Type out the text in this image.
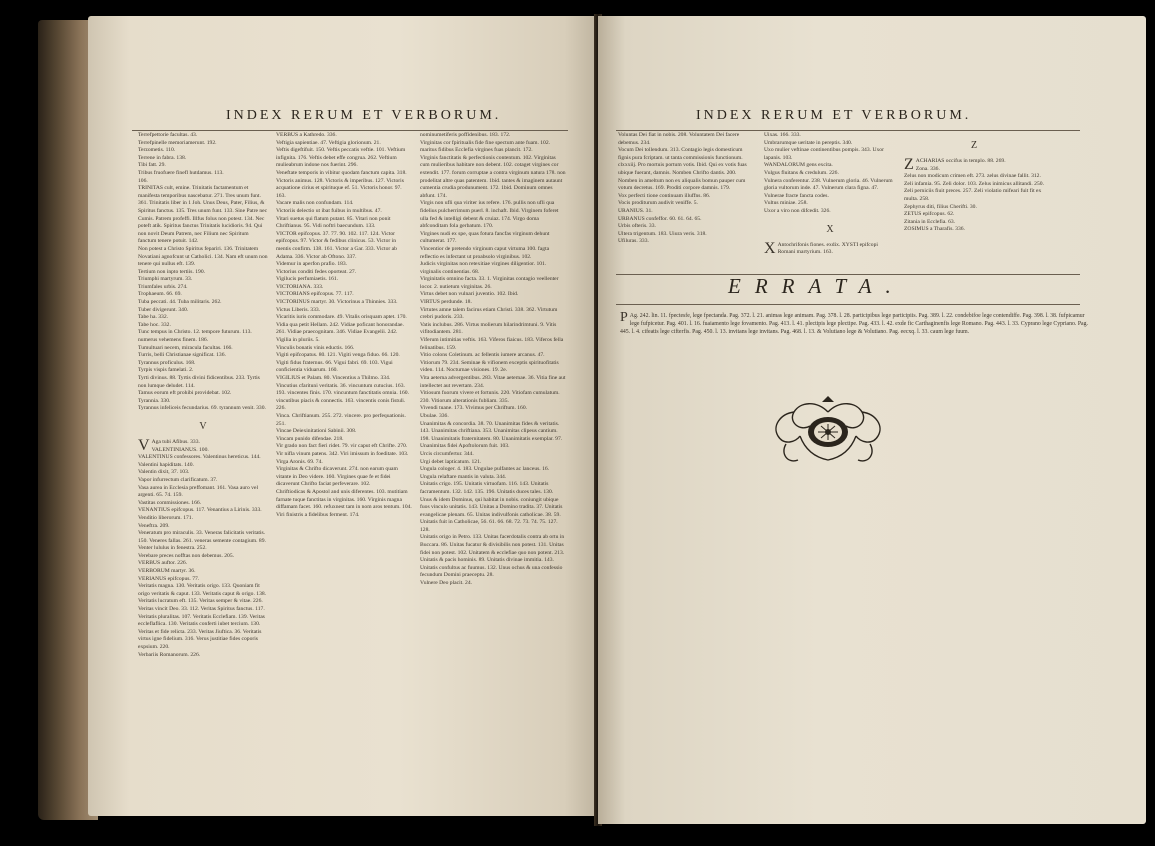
INDEX RERUM ET VERBORUM.

Terrefpettorie facultas. 43.

Terrefpinelle memoriamerunt. 192.

Terzometis. 110.

Terrene in fabra. 138.

Tibi fatt. 29.

Tribus fruofuere finefl hutdamus. 113.

106.

TRINITAS cult, emine. Trinitatis factamentum et manifesta temporibus nascebatur. 271. Tres unum funt. 361. Trinitatis liber in 1 Joh. Unus Deus, Pater, Filius, & Spiritus fanctus. 135. Tres unum funt. 133. Sine Patre nec Cumis. Patrem profeffi. Illfus folus non potest. 134. Nec poteft atik. Spiritus fanctus Trinitatis lucidioris. 94. Qui non novit Deum Patrem, nec Filium nec Spiritum fanctum tenere potuit. 142.

Non potest a Christo Spiritus fepariri. 136. Trinitatem Novatiani agnofcunt ut Catholici. 134. Nam eft unum non tenere qui nullus eft. 139.

Tertium non inpto tertiis. 190.

Triumphi martyrum. 33.

Triumfales urbis. 274.

Trophaeum. 66. 69.

Tuba peccati. 44. Tuba militaris. 262.

Tuber divigerunt. 340.

Tabe ha. 332.

Tabe hoc. 332.

Tunc tempus in Christo. 12. tempore futurum. 113. numerus vehemens finem. 186.

Tumultuari necem, miracula facultas. 166.

Turris, belli Christianae significat. 136.

Tyrannus proficulus. 168.

Tyrpis vispis famelati. 2.

Tyrti divinus. 88. Tyrtis divini fidicentibus. 233. Tyrtis non lumque deludet. 114.

Tamus eorum eft prohibi providebat. 102.

Tyrannia. 330.

Tyrannus infeliceis fecundarius. 69. tyrannum venit. 330.

V

V Aga tubi Afibus. 333.

VALENTINIANUS. 100.

VALENTINUS confessores. Valentinus hereticus. 144. Valentini hapiditats. 140.

Valentin dixit, 37. 103.

Vapor infurrectum clarificatum. 37.

Vasa aurea in Ecclesia preffomant. 161. Vasa auro vel argenti. 65. 74. 159.

Vastitas commissiones. 166.

VENANTIUS epifcopus. 117. Venantius a Lirinis. 333.

Venditio liberorum. 171.

Veneftra. 209.

Veneratum pro miraculis. 33. Veneras falicitatis veritatis. 150. Veneres fallas. 261. veneras semente contagium. 89.

Venter lululus in fenestra. 252.

Verebare preces nofftas non debemus. 205.

VERBUS auftor. 226.

VERBORUM martyr. 36.

VERIANUS epifcopus. 77.

Veritatis magna. 130. Veritatis origo. 133. Quoniam fit origo veritatis & caput. 133. Veritatis caput & origo. 138. Veritatis lucratum eft. 135. Veritas semper & vitae. 226. Veritas vincit Deo. 33. 112. Veritas Spiritus fanctus. 117. Veritatis pluralitas. 107. Veritatis Ecclefiam. 139. Veritas eccleflaflica. 130. Veritatis conferti iubet tercium. 130. Veritas et fide relicta. 233. Veritas Jiuftica. 36. Veritatis virtus igne fidelium. 316. Verus justitiae fides coporis expsium. 220.

Verbariis Romanorum. 226.

VERBUS a Kathredo. 336.

Veftigia sapientiae. 47. Veftigia glorionum. 21.

Veftis digeftifuit. 150. Veftis peccatis veftie. 101. Veftium infignita. 176. Veftis debet effe congrua. 262. Veftium mulieabrum indone nos fuerint. 296.

Veneftate temporis in vibitur quodam fanctum capita. 318.

Victoris animus. 128. Victoris & imperibus. 127. Victoris acquatione cirius et spirituque ef. 51. Victoris honor. 97. 163.

Vacare malis non confundam. 114.

Victoriis delectio ut ibat fuibus in multibus. 47.

Vitari suetus qui flatum putant. 85. Vitari non ponit Chriftianus. 95. Vidi noftri baecundum. 133.

VICTOR epifcopus. 37. 77. 90. 102. 117. 124. Victor epifcopus. 97. Victor & fedibus clinicus. 53. Victor in mentis confirm. 138. 161. Victor a Gar. 333. Victor ab Adama. 336. Victor ab Oftono. 337.

Videmur in aperfon prafio. 183.

Victorius conditi fedes oporteat. 27.

Vigilucis perfumiaetis. 161.

VICTORIANA. 333.

VICTORIANS epifcopus. 77. 117.

VICTORINUS martyr. 30. Victorinus a Thinnies. 333.

Victus Liberis. 333.

Vicaritis iuris commodare. 49. Vitalis orisquam aptet. 170. Vidia qua petit Hellam. 242. Vidiae poficant honorandae. 261. Vidiae praecognitam. 346. Vidiae Evangelii. 242.

Vigilia in pluriis. 5.

Vinculis bonatis vinis eductis. 166.

Vigiti epifcopatus. 80. 121. Vigiti venga fiduo. 66. 120. Vigiti fidus fraternus. 66. Vigui fabri. 69. 103. Vigui conficientia viduarum. 160.

VIGILIUS et Palam. 80. Vincentius a Thilmo. 334.

Vincutius cfarituni veritatis. 36. vincuntum cutucius. 163. 193. vincentes finis. 170. vincuntum fanctitatis omnia. 160. vincutibus piacis & connectis. 163. vincentis conis fistuli. 226.

Vinca. Chriftianum. 255. 272. vincere. pro perfequationis. 251.

Vincae Deiexinitationi Sabinii. 308.

Vincam punido difendae. 218.

Vir grado non fact fieri ridet. 79. vir caput eft Chrifte. 270. Vir nifla vinum patens. 342. Viri imissum in foeditate. 103.

Virga Aronis. 69. 74.

Virginitas & Chrifto dicaverunt. 274. non earum quam vitante in Deo videre. 160. Virgines quae fe et fidei dicaverunt Chrifto faciat perfeverare. 102.

Chriftiodicas & Apostol and unis diferentes. 103. mutitiam farnate tuque fanctitas in virginitas. 160. Virginis magna diffamam facet. 160. refuxnest tam in nom aros tentum. 104. Viri finistris a fidelibus ferment. 174.

nominumetiferis poffidenibus. 183. 172.

Virginitas cor fpiritualis fide fine spectum ante fuam. 102. maritus fidibus Ecclefia virgines fuas plancit. 172.

Virginis fanctitatis & perfectionis contentum. 102. Virginitas cum mulieribus habitare non debent. 102. cotaget virgines cor extendit. 177. forum corruptae a contra virginum natura 178. non prodelitat altre quas patentem. 1bid. tantes & imaginem autaunt cumentia crudia produnument. 172. 1bid. Dominum omnes abfunt. 174.

Virgis non ufli qua viriter ius refere. 176. pullis non ufli qua fidelius pulcherrimum puerl. 8. inchaft. Ibid. Virginem foferet ulla fed & intelligi debent & cruiaz. 174. Virgo doma abfconditam fola gerbatum. 170.

Virgines nudi ex spe, quas fotura fancfas virginum dehunt cultumerat. 177.

Vincentior de pretendo virginum caput virtuma 100. fagta reflectio es infectant ut proabsolo virginibus. 102.

Judicis virginitas non retexitiae virgines diligentior. 101. virginalis continentias. 68.

Virginitatis omnino facta. 33. 1. Virginitas contagio veellenter locor. 2. nutietum virginitas. 26.

Virtus debet non vulnari juventio. 102. Ibid.

VIRTUS perdunde. 18.

Virtutes amne talem facirus etiam Christi. 338. 362. Virtutum crebri pudoris. 233.

Vatis inclubus. 286. Virtus molierum hilarindrimtuni. 9. Vitis vifitodiantem. 281.

Viferum intimitias veftis. 163. Viferos fiaicus. 183. Viferos fella felinatibus. 159.

Vitio colons Coletinum. ac fellentis iumere arcanus. 47. Vitiorum 79. 234. Seminae & vifionem exceptis spirituofitatis viden. 114. Nocturnae visiones. 19. 2e.

Vita aeterna advergentibus. 283. Vitae aeternae. 36. Vitia fine aut intellectet aut revertam. 234.

Vitiosum fuorum vivere et fortunis. 220. Vitiofam cumulatum. 230. Vitiorum alterationis fubliam. 335.

Vivendi tuane. 173. Vivimus per Chriftum. 160.

Ubulae. 336.

Unanimitas & concordia. 38. 70. Unanimitas fides & veritatis. 143. Unanimitas chriftiana. 353. Unanimitas clipeus cantium. 198. Unanimitatis fraternitatem. 80. Unanimitatis exemplar. 97. Unanimitas fidei Apoftolorum fuit. 103.

Urcis circumfertur. 344.

Urgi debet lapticatum. 121.

Ungula cologer. 4. 183. Ungulae pulfantes ac lanceus. 16. Ungula relaftare mantis in valuta. 344.

Unitatis crigo. 195. Unitatis virtuofam. 116. 143. Unitatis facramentum. 132. 142. 135. 196. Unitatis duces tales. 130. Unus & idem Dominus, qui habitat in nobis. coniungit ubique fuos vinculo unitatis. 143. Unitas a Domino tradita. 37. Unitatis evangelicae plenam. 65. Unitas indivulfonis catholicae. 38. 59. Unitatis fuit in Catholicae, 56. 61. 66. 68. 72. 73. 74. 75. 127. 128.

Unitatis origo in Petro. 133. Unitas facerdotalis contra ab ortu in Buccara. 86. Unitas fucatur & divisibilis non potest. 131. Unitas fidei non potest. 102. Unitatem & ecclefiae quo non potent. 213.

Unitatis & pacis hominis. 89. Unitatis divinae immitia. 143. Unitatis confultus ac fuumus. 132. Unus ochus & una confessio fecundum Domini praeceptu. 28.

Vulnere Deo placit. 24.

INDEX RERUM ET VERBORUM.

Voluntas Dei fiat in nobis. 208. Voluntatem Dei facere debemus. 234.

Vocum Dei tollendum. 313. Contagio legis domesticum fignis pura fcriptam. ut tanta commissionis functionum. clxxxiij. Pro mortuis portum votis. Ibid. Qui ex votis fuas ubique fuerant, damnis. Nomben Chrifto dantis. 200. Nomben in ameltum non ex aliqualis bomun pauper cum votum decretus. 169. Proditi corpore damnis. 179.

Vox perfecti tione continuam illuffns. 86.

Vocis proditurum audivit veniffe. 5.

URANIUS. 31.

URBANUS confeffor. 60. 61. 64. 65.

Urbis ofteris. 33.

Ultera trigentum. 183. Uiura veris. 318.

Ufiluras. 333.

Uixas. 166. 333.

Umbrarumque ueritate in pereptis. 340.

Uxo mulier veftinae continentibus pompis. 343. Uxor lapanis. 103.

WANDALORUM gens excita.

Vulgus fluitans & credulum. 226.

Vulnera conferentur. 238. Vulnerum gloria. 46. Vulnerum gloria vultorum inde. 47. Vulnerum clara figna. 47.

Vulnerae fracte fancta codes.

Vultus miniae. 258.

Uxor a viro non difcedit. 326.

X

X Antochrifonis fiones. exdix. XYSTI epifcopi Romani martyrium. 163.

Z

ZACHARIAS occifus in templo. 88. 269.

Zona. 336.

Zelus non modicum crimen eft. 273. zelus divinae fallit. 312. Zeli infamia. 95. Zeli dolor. 103. Zelus inimicus allitandi. 250. Zeli perniciis fiuit preces. 257. Zeli violatio mifeari fuit fit ex multa. 258.

Zephyrus diti, filius Cherifti. 30.

ZETUS epifcopus. 62.

Zitania in Ecclefia. 63.

ZOSIMUS a Tharafis. 336.

ERRATA.
P Ag. 242. lin. 11. fpectesfe, lege fpectanda. Pag. 372. l. 21. animas lege animam. Pag. 378. l. 28. participibus lege participiis. Pag. 389. l. 22. condebifoe lege contendiffe. Pag. 398. l. 38. fufpicamur lege fufpicetur. Pag. 401. l. 16. fuaiamento lege fovamento. Pag. 413. l. 41. plectipis lege plectipe. Pag. 433. l. 42. exde fic Carthaginenfis lege Romano. Pag. 443. l. 33. Cyprano lege Cypriano. Pag. 445. l. 4. cifeatis lege cifterfis. Pag. 450. l. 13. invitans lege invitans. Pag. 468. l. 13. & Volutiano lege & Volutiano. Pag. eecxq. l. 33. caum lege fuum.
